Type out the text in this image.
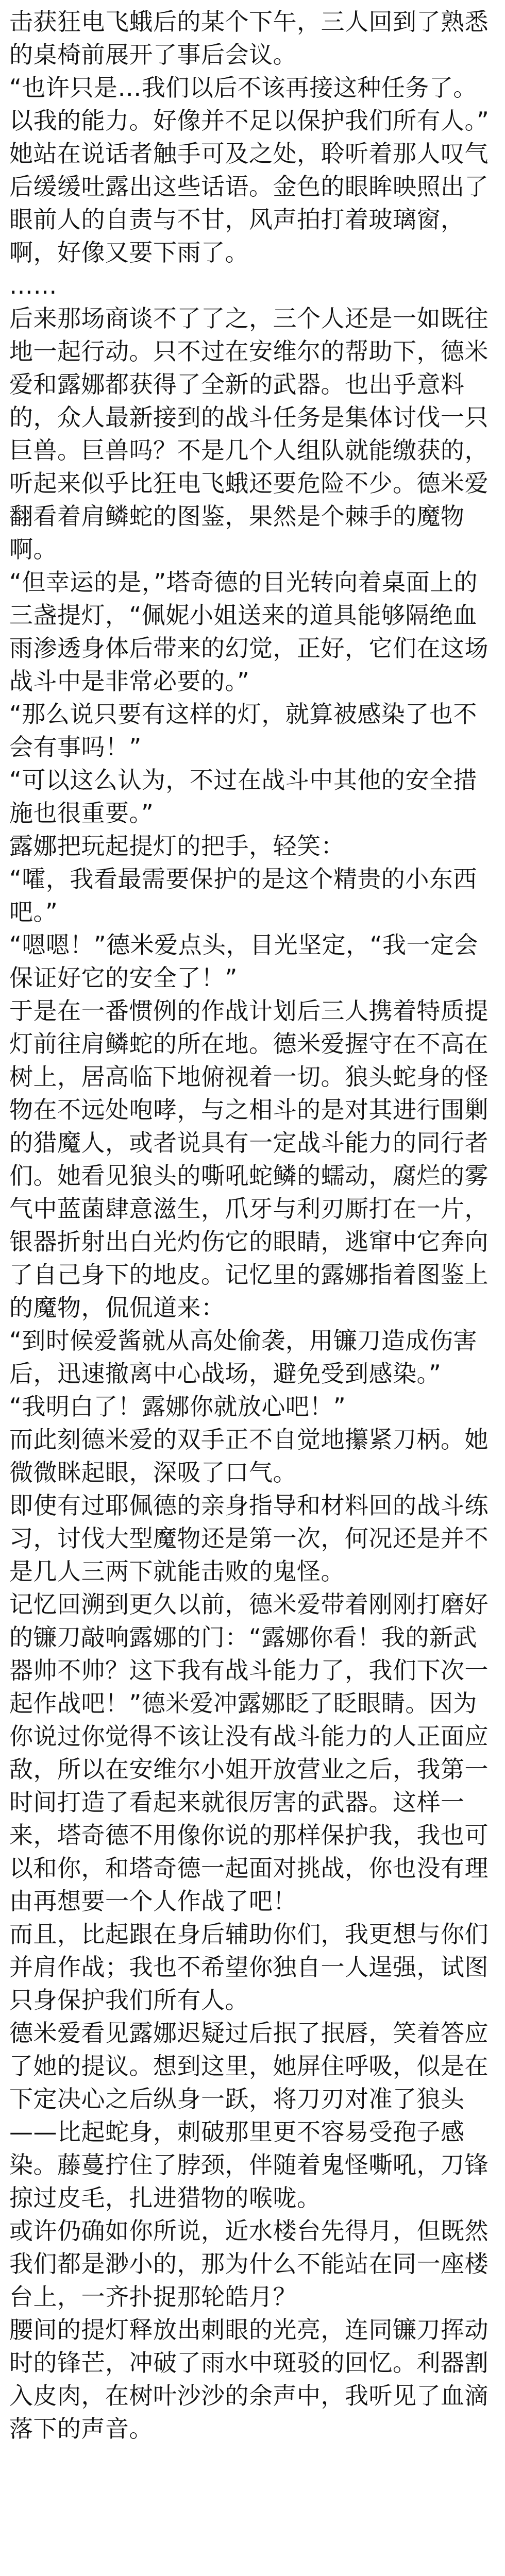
击获狂电飞蛾后的某个下午，三人回到了熟悉的桌椅前展开了事后会议。

“也许只是…我们以后不该再接这种任务了。以我的能力。好像并不足以保护我们所有人。”

她站在说话者触手可及之处，聆听着那人叹气后缓缓吐露出这些话语。金色的眼眸映照出了眼前人的自责与不甘，风声拍打着玻璃窗，啊，好像又要下雨了。

……

后来那场商谈不了了之，三个人还是一如既往地一起行动。只不过在安维尔的帮助下，德米爱和露娜都获得了全新的武器。也出乎意料的，众人最新接到的战斗任务是集体讨伐一只巨兽。巨兽吗？不是几个人组队就能缴获的，听起来似乎比狂电飞蛾还要危险不少。德米爱翻看着肩鳞蛇的图鉴，果然是个棘手的魔物啊。

“但幸运的是，”塔奇德的目光转向着桌面上的三盏提灯，“佩妮小姐送来的道具能够隔绝血雨渗透身体后带来的幻觉，正好，它们在这场战斗中是非常必要的。”

“那么说只要有这样的灯，就算被感染了也不会有事吗！”

“可以这么认为，不过在战斗中其他的安全措施也很重要。”

露娜把玩起提灯的把手，轻笑：

“嚯，我看最需要保护的是这个精贵的小东西吧。”

“嗯嗯！”德米爱点头，目光坚定，“我一定会保证好它的安全了！”

于是在一番惯例的作战计划后三人携着特质提灯前往肩鳞蛇的所在地。德米爱握守在不高在树上，居高临下地俯视着一切。狼头蛇身的怪物在不远处咆哮，与之相斗的是对其进行围剿的猎魔人，或者说具有一定战斗能力的同行者们。她看见狼头的嘶吼蛇鳞的蠕动，腐烂的雾气中蓝菌肆意滋生，爪牙与利刃厮打在一片，银器折射出白光灼伤它的眼睛，逃窜中它奔向了自己身下的地皮。记忆里的露娜指着图鉴上的魔物，侃侃道来：

“到时候爱酱就从高处偷袭，用镰刀造成伤害后，迅速撤离中心战场，避免受到感染。”

“我明白了！露娜你就放心吧！”

而此刻德米爱的双手正不自觉地攥紧刀柄。她微微眯起眼，深吸了口气。

即使有过耶佩德的亲身指导和材料回的战斗练习，讨伐大型魔物还是第一次，何况还是并不是几人三两下就能击败的鬼怪。

记忆回溯到更久以前，德米爱带着刚刚打磨好的镰刀敲响露娜的门：“露娜你看！我的新武器帅不帅？这下我有战斗能力了，我们下次一起作战吧！”德米爱冲露娜眨了眨眼睛。因为你说过你觉得不该让没有战斗能力的人正面应敌，所以在安维尔小姐开放营业之后，我第一时间打造了看起来就很厉害的武器。这样一来，塔奇德不用像你说的那样保护我，我也可以和你，和塔奇德一起面对挑战，你也没有理由再想要一个人作战了吧！

而且，比起跟在身后辅助你们，我更想与你们并肩作战；我也不希望你独自一人逞强，试图只身保护我们所有人。

德米爱看见露娜迟疑过后抿了抿唇，笑着答应了她的提议。想到这里，她屏住呼吸，似是在下定决心之后纵身一跃，将刀刃对准了狼头——比起蛇身，刺破那里更不容易受孢子感染。藤蔓拧住了脖颈，伴随着鬼怪嘶吼，刀锋掠过皮毛，扎进猎物的喉咙。

或许仍确如你所说，近水楼台先得月，但既然我们都是渺小的，那为什么不能站在同一座楼台上，一齐扑捉那轮皓月？

腰间的提灯释放出刺眼的光亮，连同镰刀挥动时的锋芒，冲破了雨水中斑驳的回忆。利器割入皮肉，在树叶沙沙的余声中，我听见了血滴落下的声音。
